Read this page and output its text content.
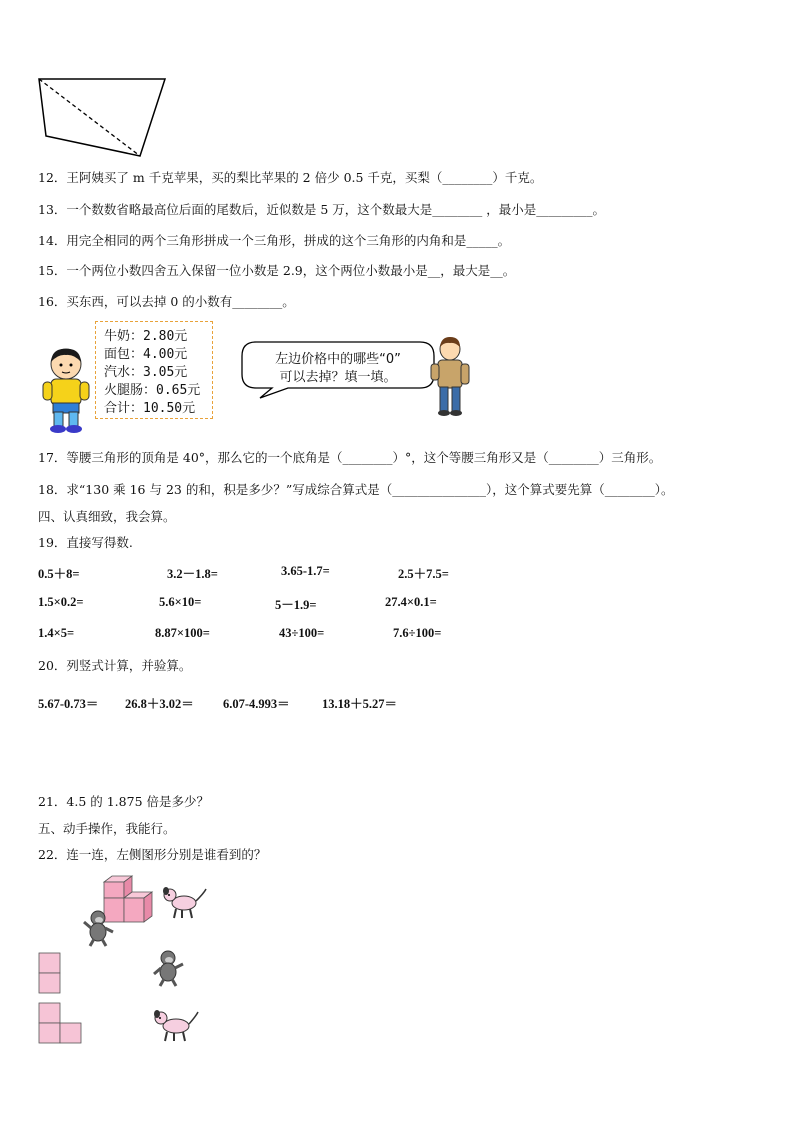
12．王阿姨买了 m 千克苹果，买的梨比苹果的 2 倍少 0.5 千克，买梨（________）千克。
13．一个数数省略最高位后面的尾数后，近似数是 5 万，这个数最大是________ ，最小是_________。
14．用完全相同的两个三角形拼成一个三角形，拼成的这个三角形的内角和是_____。
15．一个两位小数四舍五入保留一位小数是 2.9，这个两位小数最小是__，最大是__。
16．买东西，可以去掉 0 的小数有________。
牛奶：2.80元
面包：4.00元
汽水：3.05元
火腿肠：0.65元
合计：10.50元
左边价格中的哪些“0”
可以去掉？填一填。
17．等腰三角形的顶角是 40°，那么它的一个底角是（________）°，这个等腰三角形又是（________）三角形。
18．求“130 乘 16 与 23 的和，积是多少？”写成综合算式是（_______________），这个算式要先算（________）。
四、认真细致，我会算。
19．直接写得数.
0.5＋8=	3.2－1.8=	3.65-1.7=	2.5＋7.5=
1.5×0.2=	5.6×10=	5－1.9=	27.4×0.1=
1.4×5=	8.87×100=	43÷100=	7.6÷100=
20．列竖式计算，并验算。
5.67-0.73＝ 26.8＋3.02＝ 6.07-4.993＝	13.18＋5.27＝
21．4.5 的 1.875 倍是多少？
五、动手操作，我能行。
22．连一连，左侧图形分别是谁看到的？
